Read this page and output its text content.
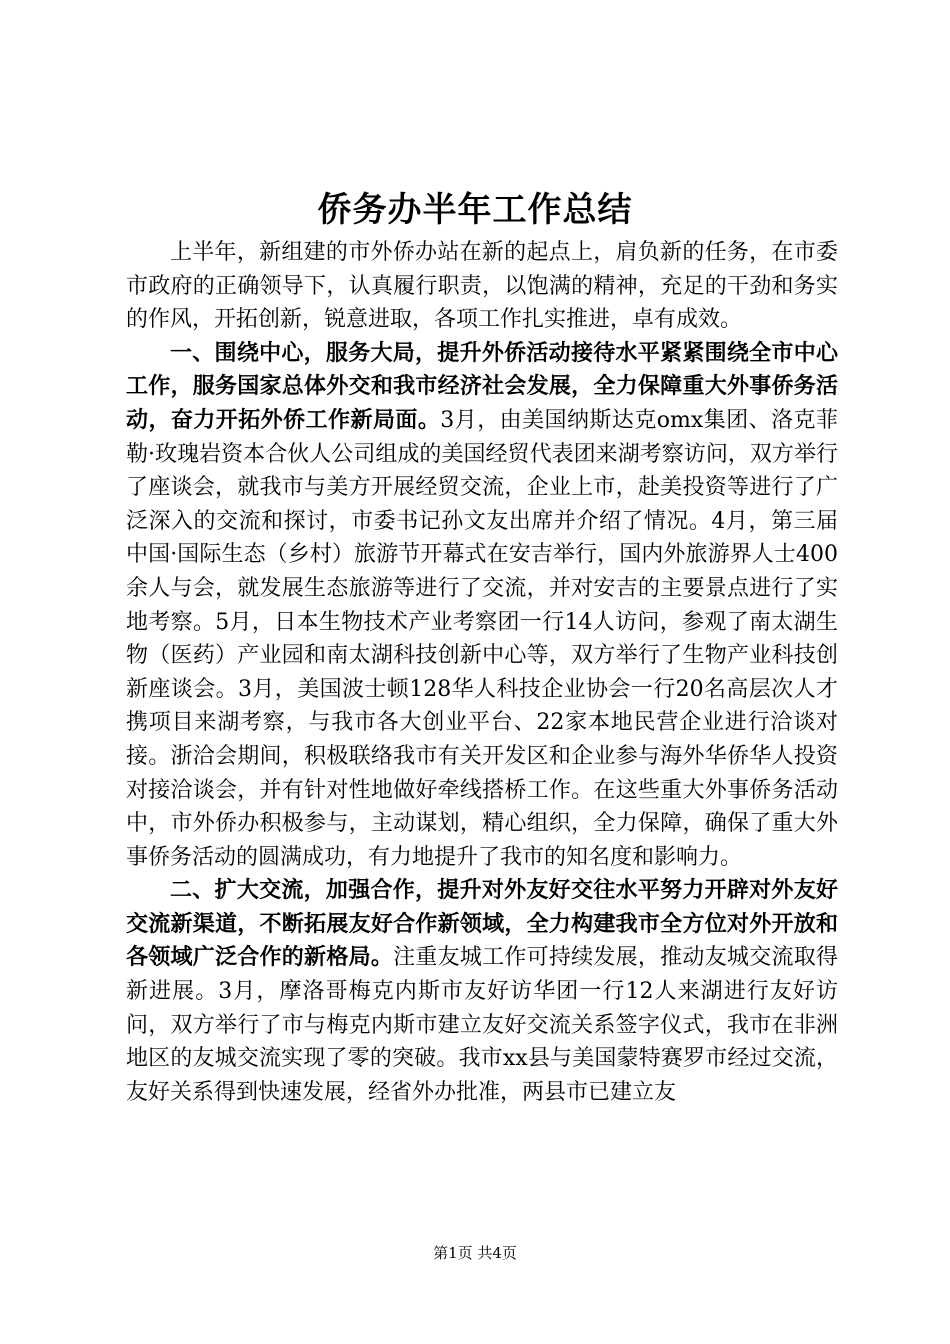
侨务办半年工作总结

上半年，新组建的市外侨办站在新的起点上，肩负新的任务，在市委市政府的正确领导下，认真履行职责，以饱满的精神，充足的干劲和务实的作风，开拓创新，锐意进取，各项工作扎实推进，卓有成效。

一、围绕中心，服务大局，提升外侨活动接待水平紧紧围绕全市中心工作，服务国家总体外交和我市经济社会发展，全力保障重大外事侨务活动，奋力开拓外侨工作新局面。3月，由美国纳斯达克omx集团、洛克菲勒·玫瑰岩资本合伙人公司组成的美国经贸代表团来湖考察访问，双方举行了座谈会，就我市与美方开展经贸交流，企业上市，赴美投资等进行了广泛深入的交流和探讨，市委书记孙文友出席并介绍了情况。4月，第三届中国·国际生态（乡村）旅游节开幕式在安吉举行，国内外旅游界人士400余人与会，就发展生态旅游等进行了交流，并对安吉的主要景点进行了实地考察。5月，日本生物技术产业考察团一行14人访问，参观了南太湖生物（医药）产业园和南太湖科技创新中心等，双方举行了生物产业科技创新座谈会。3月，美国波士顿128华人科技企业协会一行20名高层次人才携项目来湖考察，与我市各大创业平台、22家本地民营企业进行洽谈对接。浙洽会期间，积极联络我市有关开发区和企业参与海外华侨华人投资对接洽谈会，并有针对性地做好牵线搭桥工作。在这些重大外事侨务活动中，市外侨办积极参与，主动谋划，精心组织，全力保障，确保了重大外事侨务活动的圆满成功，有力地提升了我市的知名度和影响力。

二、扩大交流，加强合作，提升对外友好交往水平努力开辟对外友好交流新渠道，不断拓展友好合作新领域，全力构建我市全方位对外开放和各领域广泛合作的新格局。注重友城工作可持续发展，推动友城交流取得新进展。3月，摩洛哥梅克内斯市友好访华团一行12人来湖进行友好访问，双方举行了市与梅克内斯市建立友好交流关系签字仪式，我市在非洲地区的友城交流实现了零的突破。我市xx县与美国蒙特赛罗市经过交流，友好关系得到快速发展，经省外办批准，两县市已建立友

第1页 共4页
